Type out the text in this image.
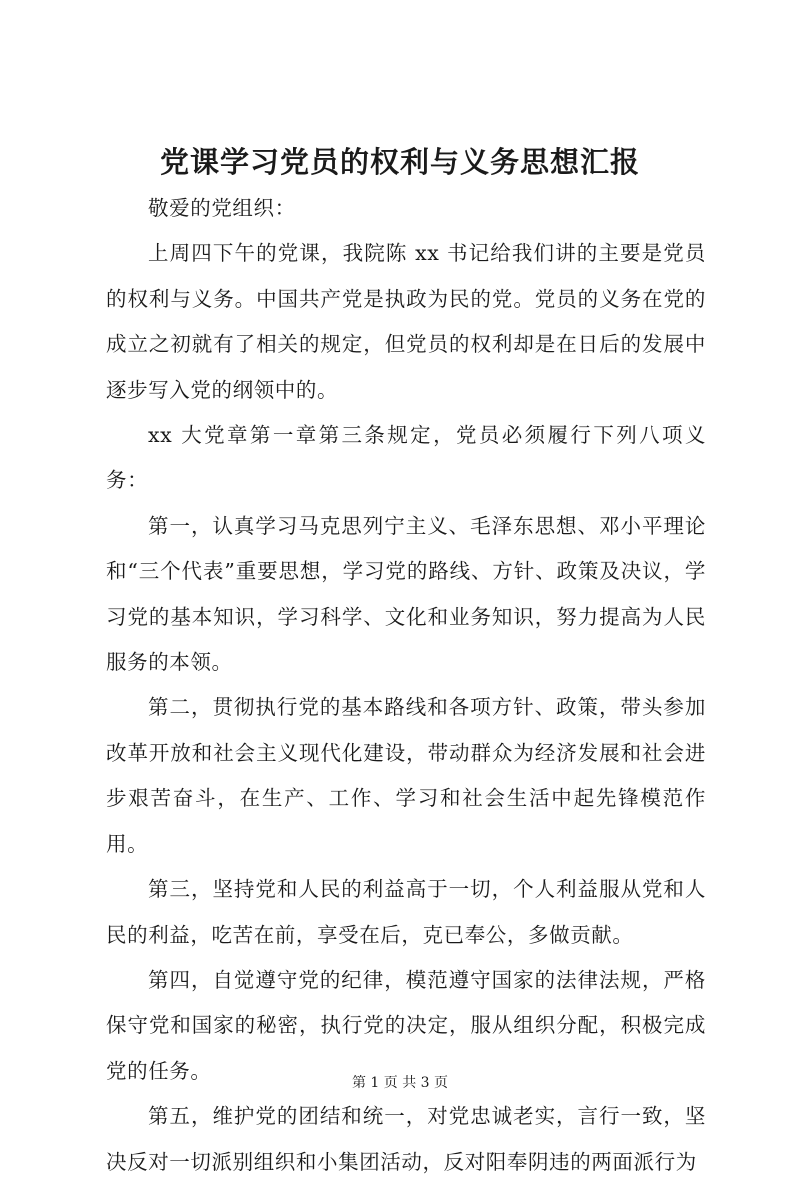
党课学习党员的权利与义务思想汇报

敬爱的党组织：

上周四下午的党课，我院陈 xx 书记给我们讲的主要是党员的权利与义务。中国共产党是执政为民的党。党员的义务在党的成立之初就有了相关的规定，但党员的权利却是在日后的发展中逐步写入党的纲领中的。

xx 大党章第一章第三条规定，党员必须履行下列八项义务：

第一，认真学习马克思列宁主义、毛泽东思想、邓小平理论和“三个代表”重要思想，学习党的路线、方针、政策及决议，学习党的基本知识，学习科学、文化和业务知识，努力提高为人民服务的本领。

第二，贯彻执行党的基本路线和各项方针、政策，带头参加改革开放和社会主义现代化建设，带动群众为经济发展和社会进步艰苦奋斗，在生产、工作、学习和社会生活中起先锋模范作用。

第三，坚持党和人民的利益高于一切，个人利益服从党和人民的利益，吃苦在前，享受在后，克已奉公，多做贡献。

第四，自觉遵守党的纪律，模范遵守国家的法律法规，严格保守党和国家的秘密，执行党的决定，服从组织分配，积极完成党的任务。

第五，维护党的团结和统一，对党忠诚老实，言行一致，坚决反对一切派别组织和小集团活动，反对阳奉阴违的两面派行为

第 1 页 共 3 页
